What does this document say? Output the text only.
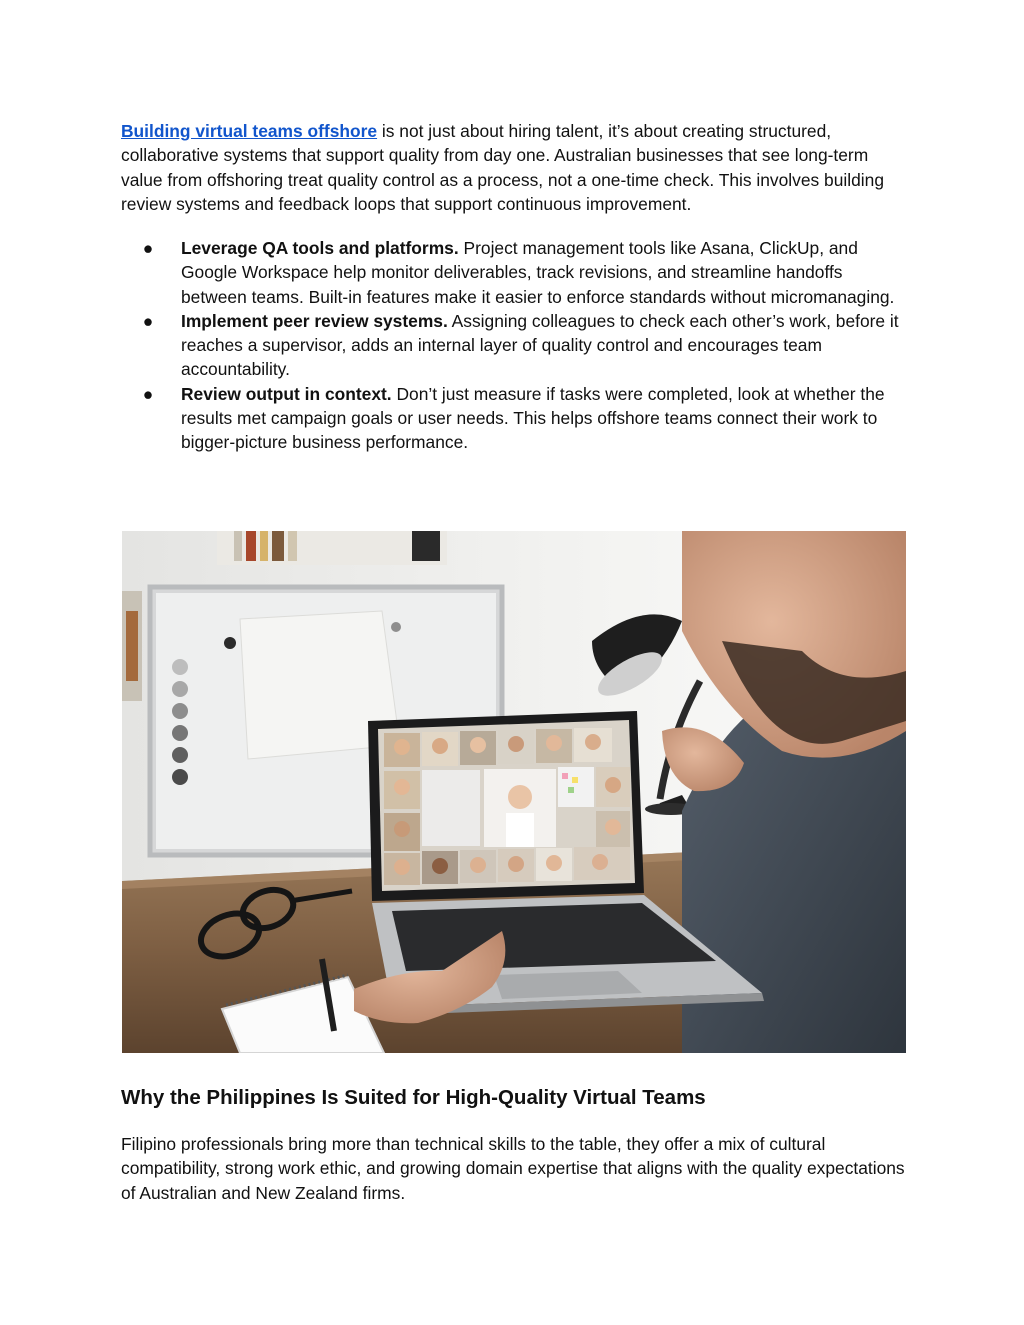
Building virtual teams offshore is not just about hiring talent, it’s about creating structured, collaborative systems that support quality from day one. Australian businesses that see long-term value from offshoring treat quality control as a process, not a one-time check. This involves building review systems and feedback loops that support continuous improvement.

● Leverage QA tools and platforms. Project management tools like Asana, ClickUp, and Google Workspace help monitor deliverables, track revisions, and streamline handoffs between teams. Built-in features make it easier to enforce standards without micromanaging.
● Implement peer review systems. Assigning colleagues to check each other’s work, before it reaches a supervisor, adds an internal layer of quality control and encourages team accountability.
● Review output in context. Don’t just measure if tasks were completed, look at whether the results met campaign goals or user needs. This helps offshore teams connect their work to bigger-picture business performance.
Why the Philippines Is Suited for High-Quality Virtual Teams

Filipino professionals bring more than technical skills to the table, they offer a mix of cultural compatibility, strong work ethic, and growing domain expertise that aligns with the quality expectations of Australian and New Zealand firms.
